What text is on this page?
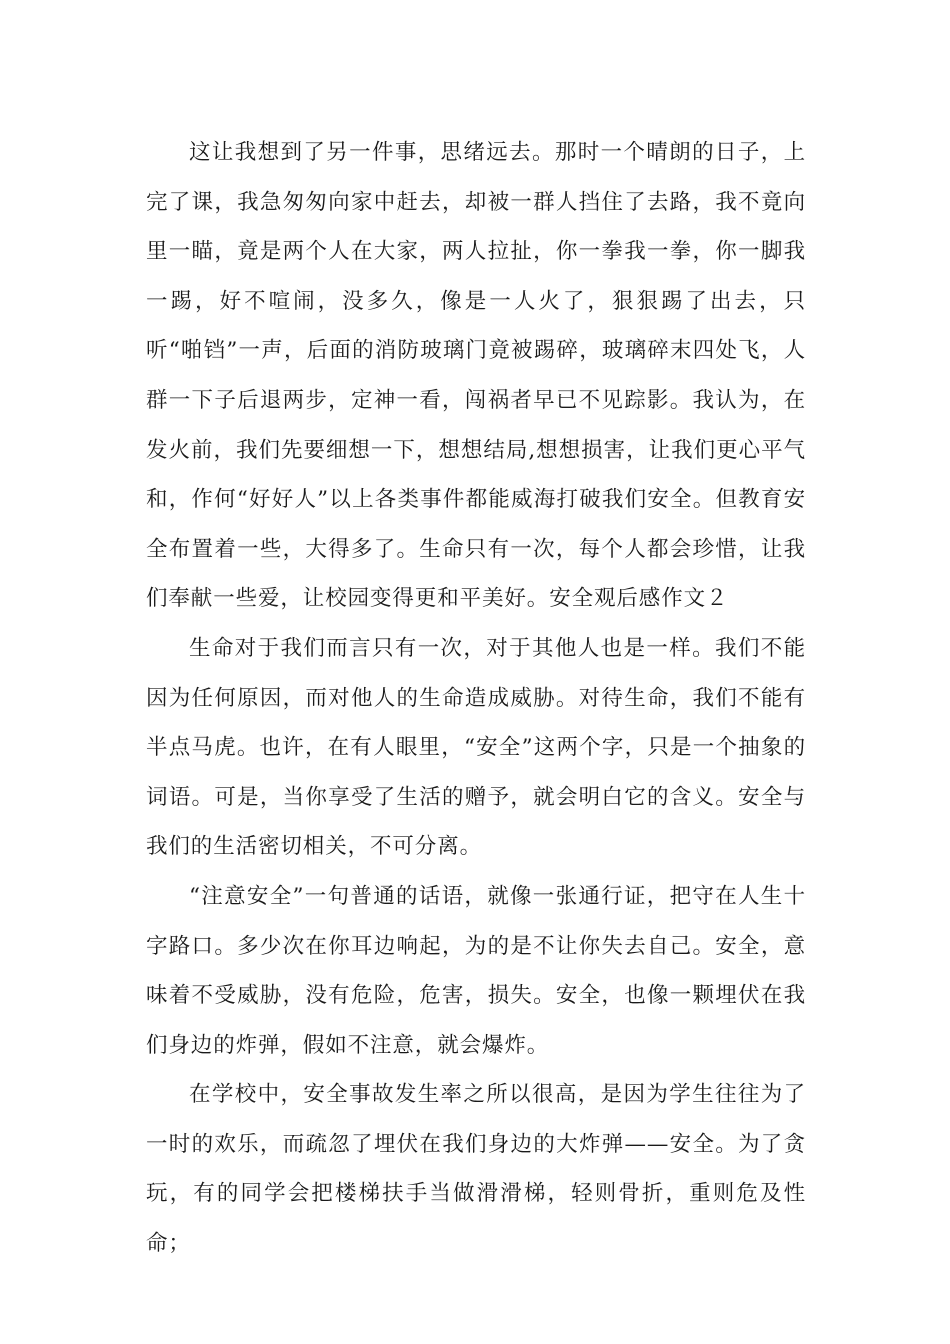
这让我想到了另一件事，思绪远去。那时一个晴朗的日子，上完了课，我急匆匆向家中赶去，却被一群人挡住了去路，我不竟向里一瞄，竟是两个人在大家，两人拉扯，你一拳我一拳，你一脚我一踢，好不喧闹，没多久，像是一人火了，狠狠踢了出去，只听“啪铛”一声，后面的消防玻璃门竟被踢碎，玻璃碎末四处飞，人群一下子后退两步，定神一看，闯祸者早已不见踪影。我认为，在发火前，我们先要细想一下，想想结局,想想损害，让我们更心平气和，作何“好好人”以上各类事件都能威海打破我们安全。但教育安全布置着一些，大得多了。生命只有一次，每个人都会珍惜，让我们奉献一些爱，让校园变得更和平美好。安全观后感作文２

生命对于我们而言只有一次，对于其他人也是一样。我们不能因为任何原因，而对他人的生命造成威胁。对待生命，我们不能有半点马虎。也许，在有人眼里，“安全”这两个字，只是一个抽象的词语。可是，当你享受了生活的赠予，就会明白它的含义。安全与我们的生活密切相关，不可分离。

“注意安全”一句普通的话语，就像一张通行证，把守在人生十字路口。多少次在你耳边响起，为的是不让你失去自己。安全，意味着不受威胁，没有危险，危害，损失。安全，也像一颗埋伏在我们身边的炸弹，假如不注意，就会爆炸。

在学校中，安全事故发生率之所以很高，是因为学生往往为了一时的欢乐，而疏忽了埋伏在我们身边的大炸弹——安全。为了贪玩，有的同学会把楼梯扶手当做滑滑梯，轻则骨折，重则危及性命；
